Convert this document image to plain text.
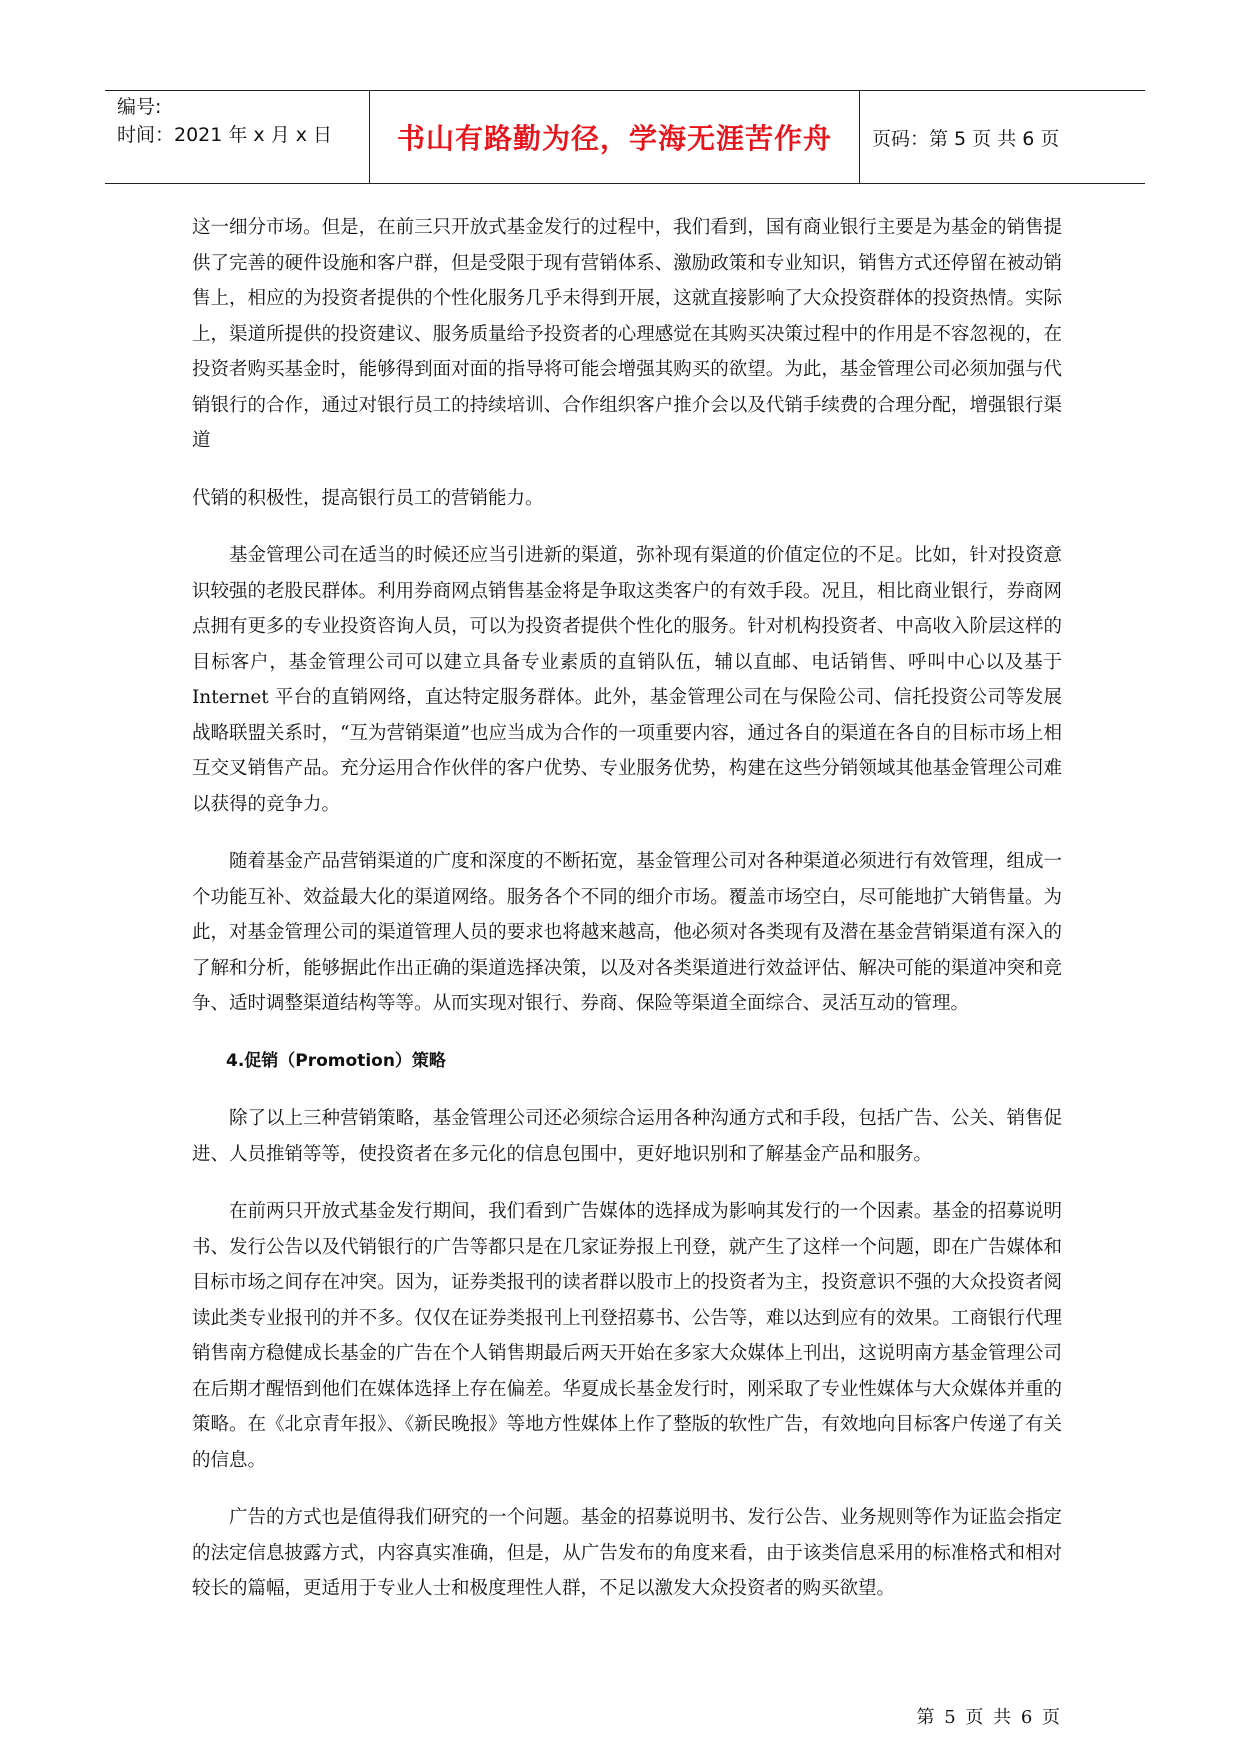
编号:
时间：2021 年 x 月 x 日	书山有路勤为径，学海无涯苦作舟	页码：第 5 页 共 6 页

这一细分市场。但是，在前三只开放式基金发行的过程中，我们看到，国有商业银行主要是为基金的销售提供了完善的硬件设施和客户群，但是受限于现有营销体系、激励政策和专业知识，销售方式还停留在被动销售上，相应的为投资者提供的个性化服务几乎未得到开展，这就直接影响了大众投资群体的投资热情。实际上，渠道所提供的投资建议、服务质量给予投资者的心理感觉在其购买决策过程中的作用是不容忽视的，在投资者购买基金时，能够得到面对面的指导将可能会增强其购买的欲望。为此，基金管理公司必须加强与代销银行的合作，通过对银行员工的持续培训、合作组织客户推介会以及代销手续费的合理分配，增强银行渠道

代销的积极性，提高银行员工的营销能力。

基金管理公司在适当的时候还应当引进新的渠道，弥补现有渠道的价值定位的不足。比如，针对投资意识较强的老股民群体。利用券商网点销售基金将是争取这类客户的有效手段。况且，相比商业银行，券商网点拥有更多的专业投资咨询人员，可以为投资者提供个性化的服务。针对机构投资者、中高收入阶层这样的目标客户，基金管理公司可以建立具备专业素质的直销队伍，辅以直邮、电话销售、呼叫中心以及基于 Internet 平台的直销网络，直达特定服务群体。此外，基金管理公司在与保险公司、信托投资公司等发展战略联盟关系时，“互为营销渠道”也应当成为合作的一项重要内容，通过各自的渠道在各自的目标市场上相互交叉销售产品。充分运用合作伙伴的客户优势、专业服务优势，构建在这些分销领域其他基金管理公司难以获得的竞争力。

随着基金产品营销渠道的广度和深度的不断拓宽，基金管理公司对各种渠道必须进行有效管理，组成一个功能互补、效益最大化的渠道网络。服务各个不同的细介市场。覆盖市场空白，尽可能地扩大销售量。为此，对基金管理公司的渠道管理人员的要求也将越来越高，他必须对各类现有及潜在基金营销渠道有深入的了解和分析，能够据此作出正确的渠道选择决策，以及对各类渠道进行效益评估、解决可能的渠道冲突和竞争、适时调整渠道结构等等。从而实现对银行、券商、保险等渠道全面综合、灵活互动的管理。

4.促销（Promotion）策略

除了以上三种营销策略，基金管理公司还必须综合运用各种沟通方式和手段，包括广告、公关、销售促进、人员推销等等，使投资者在多元化的信息包围中，更好地识别和了解基金产品和服务。

在前两只开放式基金发行期间，我们看到广告媒体的选择成为影响其发行的一个因素。基金的招募说明书、发行公告以及代销银行的广告等都只是在几家证券报上刊登，就产生了这样一个问题，即在广告媒体和目标市场之间存在冲突。因为，证券类报刊的读者群以股市上的投资者为主，投资意识不强的大众投资者阅读此类专业报刊的并不多。仅仅在证券类报刊上刊登招募书、公告等，难以达到应有的效果。工商银行代理销售南方稳健成长基金的广告在个人销售期最后两天开始在多家大众媒体上刊出，这说明南方基金管理公司在后期才醒悟到他们在媒体选择上存在偏差。华夏成长基金发行时，刚采取了专业性媒体与大众媒体并重的策略。在《北京青年报》、《新民晚报》等地方性媒体上作了整版的软性广告，有效地向目标客户传递了有关的信息。

广告的方式也是值得我们研究的一个问题。基金的招募说明书、发行公告、业务规则等作为证监会指定的法定信息披露方式，内容真实准确，但是，从广告发布的角度来看，由于该类信息采用的标准格式和相对较长的篇幅，更适用于专业人士和极度理性人群，不足以激发大众投资者的购买欲望。

第 5 页 共 6 页
